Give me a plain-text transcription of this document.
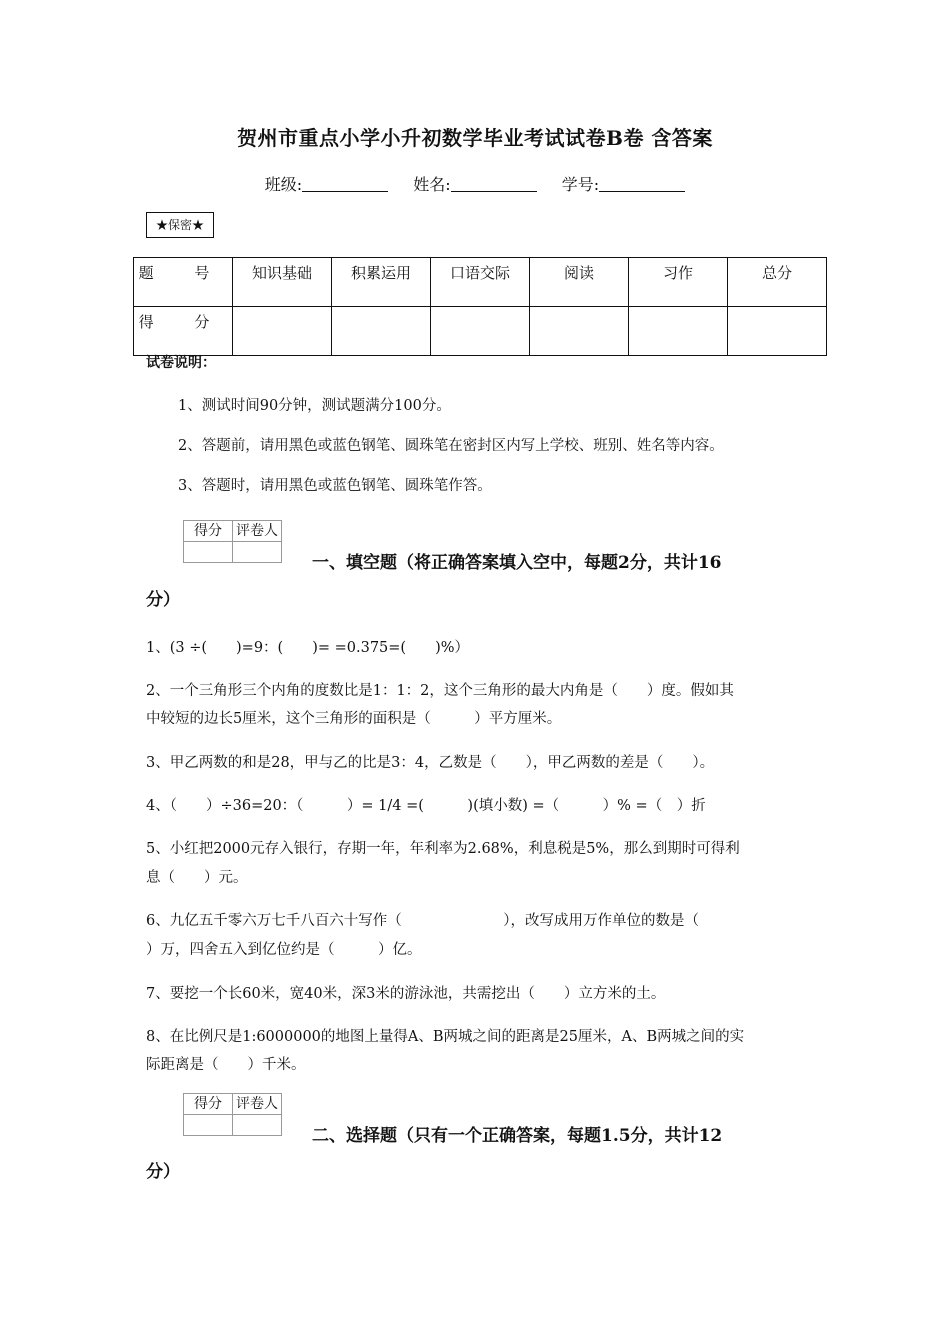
贺州市重点小学小升初数学毕业考试试卷B卷 含答案
班级:	姓名:	学号:
★保密★
题 号	知识基础	积累运用	口语交际	阅读	习作	总分
得 分						
试卷说明：
1、测试时间90分钟，测试题满分100分。
2、答题前，请用黑色或蓝色钢笔、圆珠笔在密封区内写上学校、班别、姓名等内容。
3、答题时，请用黑色或蓝色钢笔、圆珠笔作答。
得分	评卷人

一、填空题（将正确答案填入空中，每题2分，共计16
分）
1、(3 ÷(　　)=9：(　　)= =0.375=(　　)%）
2、一个三角形三个内角的度数比是1：1：2，这个三角形的最大内角是（　　）度。假如其
中较短的边长5厘米，这个三角形的面积是（　　　）平方厘米。
3、甲乙两数的和是28，甲与乙的比是3：4，乙数是（　　），甲乙两数的差是（　　）。
4、（　　）÷36=20：（　　　）= 1/4 =(　　　)(填小数) =（　　　）% =（　）折
5、小红把2000元存入银行，存期一年，年利率为2.68%，利息税是5%，那么到期时可得利
息（　　）元。
6、九亿五千零六万七千八百六十写作（　　　　　　　），改写成用万作单位的数是（
）万，四舍五入到亿位约是（　　　）亿。
7、要挖一个长60米，宽40米，深3米的游泳池，共需挖出（　　）立方米的土。
8、在比例尺是1:6000000的地图上量得A、B两城之间的距离是25厘米，A、B两城之间的实
际距离是（　　）千米。
得分	评卷人

二、选择题（只有一个正确答案，每题1.5分，共计12
分）
